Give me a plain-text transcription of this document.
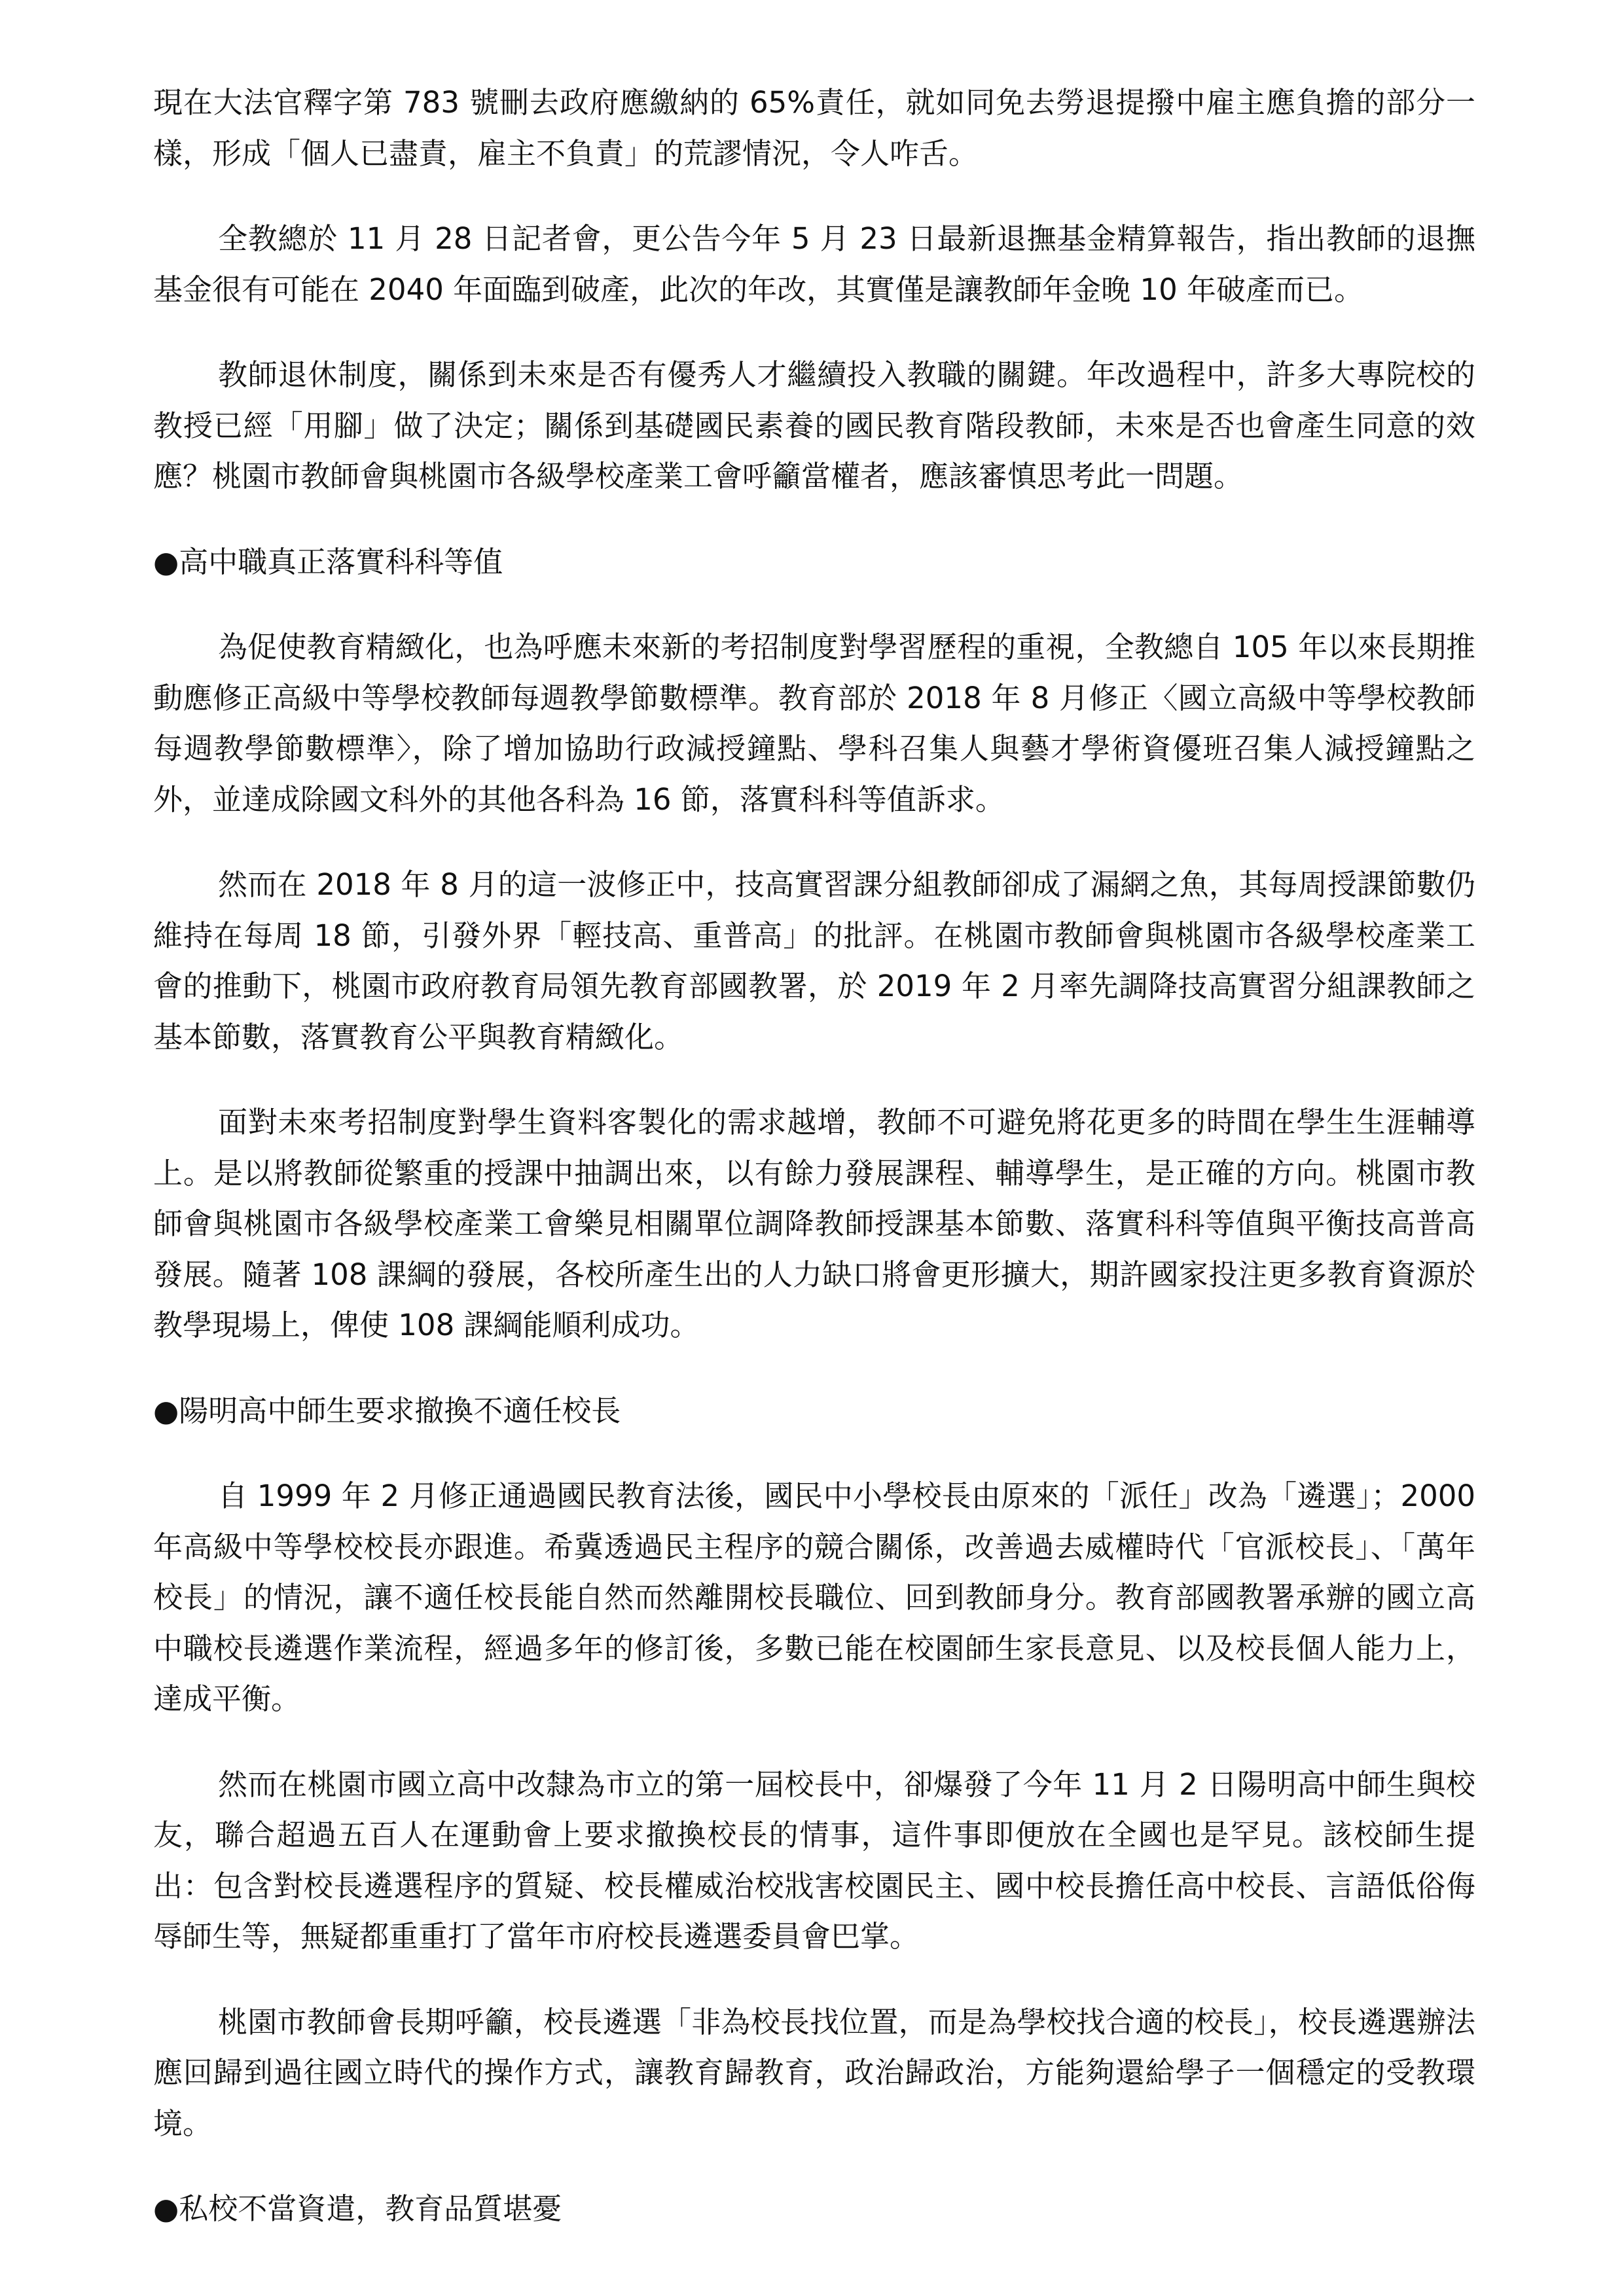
現在大法官釋字第 783 號刪去政府應繳納的 65%責任，就如同免去勞退提撥中雇主應負擔的部分一樣，形成「個人已盡責，雇主不負責」的荒謬情況，令人咋舌。

全教總於 11 月 28 日記者會，更公告今年 5 月 23 日最新退撫基金精算報告，指出教師的退撫基金很有可能在 2040 年面臨到破產，此次的年改，其實僅是讓教師年金晚 10 年破產而已。

教師退休制度，關係到未來是否有優秀人才繼續投入教職的關鍵。年改過程中，許多大專院校的教授已經「用腳」做了決定；關係到基礎國民素養的國民教育階段教師，未來是否也會產生同意的效應？桃園市教師會與桃園市各級學校產業工會呼籲當權者，應該審慎思考此一問題。

●高中職真正落實科科等值

為促使教育精緻化，也為呼應未來新的考招制度對學習歷程的重視，全教總自 105 年以來長期推動應修正高級中等學校教師每週教學節數標準。教育部於 2018 年 8 月修正〈國立高級中等學校教師每週教學節數標準〉，除了增加協助行政減授鐘點、學科召集人與藝才學術資優班召集人減授鐘點之外，並達成除國文科外的其他各科為 16 節，落實科科等值訴求。

然而在 2018 年 8 月的這一波修正中，技高實習課分組教師卻成了漏網之魚，其每周授課節數仍維持在每周 18 節，引發外界「輕技高、重普高」的批評。在桃園市教師會與桃園市各級學校產業工會的推動下，桃園市政府教育局領先教育部國教署，於 2019 年 2 月率先調降技高實習分組課教師之基本節數，落實教育公平與教育精緻化。

面對未來考招制度對學生資料客製化的需求越增，教師不可避免將花更多的時間在學生生涯輔導上。是以將教師從繁重的授課中抽調出來，以有餘力發展課程、輔導學生，是正確的方向。桃園市教師會與桃園市各級學校產業工會樂見相關單位調降教師授課基本節數、落實科科等值與平衡技高普高發展。隨著 108 課綱的發展，各校所產生出的人力缺口將會更形擴大，期許國家投注更多教育資源於教學現場上，俾使 108 課綱能順利成功。

●陽明高中師生要求撤換不適任校長

自 1999 年 2 月修正通過國民教育法後，國民中小學校長由原來的「派任」改為「遴選」；2000 年高級中等學校校長亦跟進。希冀透過民主程序的競合關係，改善過去威權時代「官派校長」、「萬年校長」的情況，讓不適任校長能自然而然離開校長職位、回到教師身分。教育部國教署承辦的國立高中職校長遴選作業流程，經過多年的修訂後，多數已能在校園師生家長意見、以及校長個人能力上，達成平衡。

然而在桃園市國立高中改隸為市立的第一屆校長中，卻爆發了今年 11 月 2 日陽明高中師生與校友，聯合超過五百人在運動會上要求撤換校長的情事，這件事即便放在全國也是罕見。該校師生提出：包含對校長遴選程序的質疑、校長權威治校戕害校園民主、國中校長擔任高中校長、言語低俗侮辱師生等，無疑都重重打了當年市府校長遴選委員會巴掌。

桃園市教師會長期呼籲，校長遴選「非為校長找位置，而是為學校找合適的校長」，校長遴選辦法應回歸到過往國立時代的操作方式，讓教育歸教育，政治歸政治，方能夠還給學子一個穩定的受教環境。

●私校不當資遣，教育品質堪憂
